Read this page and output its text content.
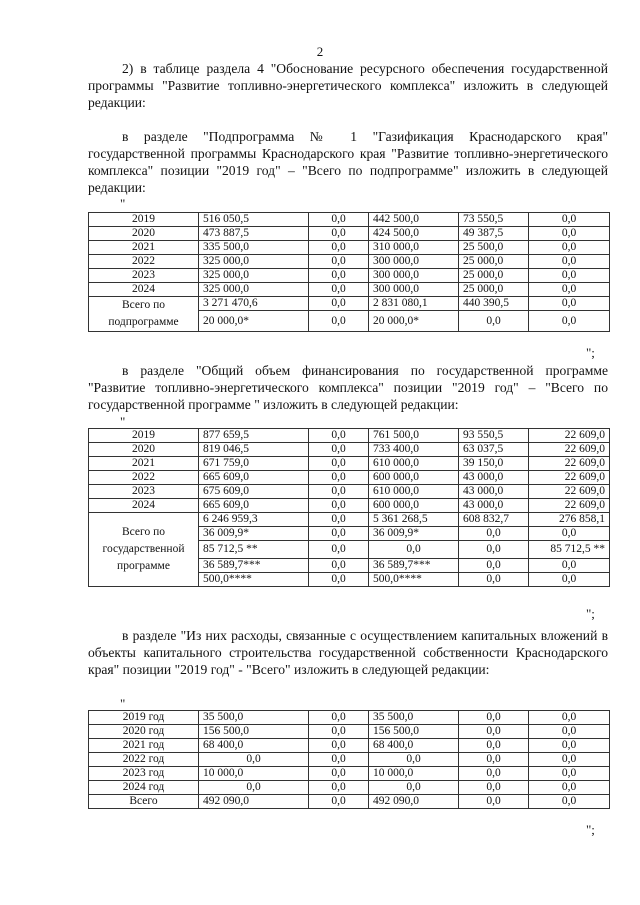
2

2) в таблице раздела 4 "Обоснование ресурсного обеспечения государственной программы "Развитие топливно-энергетического комплекса" изложить в следующей редакции:

в разделе "Подпрограмма № 1 "Газификация Краснодарского края" государственной программы Краснодарского края "Развитие топливно-энергетического комплекса" позиции "2019 год" – "Всего по подпрограмме" изложить в следующей редакции:

"
2019	516 050,5	0,0	442 500,0	73 550,5	0,0
2020	473 887,5	0,0	424 500,0	49 387,5	0,0
2021	335 500,0	0,0	310 000,0	25 500,0	0,0
2022	325 000,0	0,0	300 000,0	25 000,0	0,0
2023	325 000,0	0,0	300 000,0	25 000,0	0,0
2024	325 000,0	0,0	300 000,0	25 000,0	0,0
Всего по подпрограмме	3 271 470,6	0,0	2 831 080,1	440 390,5	0,0
	20 000,0*	0,0	20 000,0*	0,0	0,0
";

в разделе "Общий объем финансирования по государственной программе "Развитие топливно-энергетического комплекса" позиции "2019 год" – "Всего по государственной программе " изложить в следующей редакции:

"
2019	877 659,5	0,0	761 500,0	93 550,5	22 609,0
2020	819 046,5	0,0	733 400,0	63 037,5	22 609,0
2021	671 759,0	0,0	610 000,0	39 150,0	22 609,0
2022	665 609,0	0,0	600 000,0	43 000,0	22 609,0
2023	675 609,0	0,0	610 000,0	43 000,0	22 609,0
2024	665 609,0	0,0	600 000,0	43 000,0	22 609,0
Всего по государственной программе	6 246 959,3	0,0	5 361 268,5	608 832,7	276 858,1
	36 009,9*	0,0	36 009,9*	0,0	0,0
	85 712,5 **	0,0	0,0	0,0	85 712,5 **
	36 589,7***	0,0	36 589,7***	0,0	0,0
	500,0****	0,0	500,0****	0,0	0,0
";

в разделе "Из них расходы, связанные с осуществлением капитальных вложений в объекты капитального строительства государственной собственности Краснодарского края" позиции "2019 год" - "Всего" изложить в следующей редакции:

"
2019 год	35 500,0	0,0	35 500,0	0,0	0,0
2020 год	156 500,0	0,0	156 500,0	0,0	0,0
2021 год	68 400,0	0,0	68 400,0	0,0	0,0
2022 год	0,0	0,0	0,0	0,0	0,0
2023 год	10 000,0	0,0	10 000,0	0,0	0,0
2024 год	0,0	0,0	0,0	0,0	0,0
Всего	492 090,0	0,0	492 090,0	0,0	0,0
";
